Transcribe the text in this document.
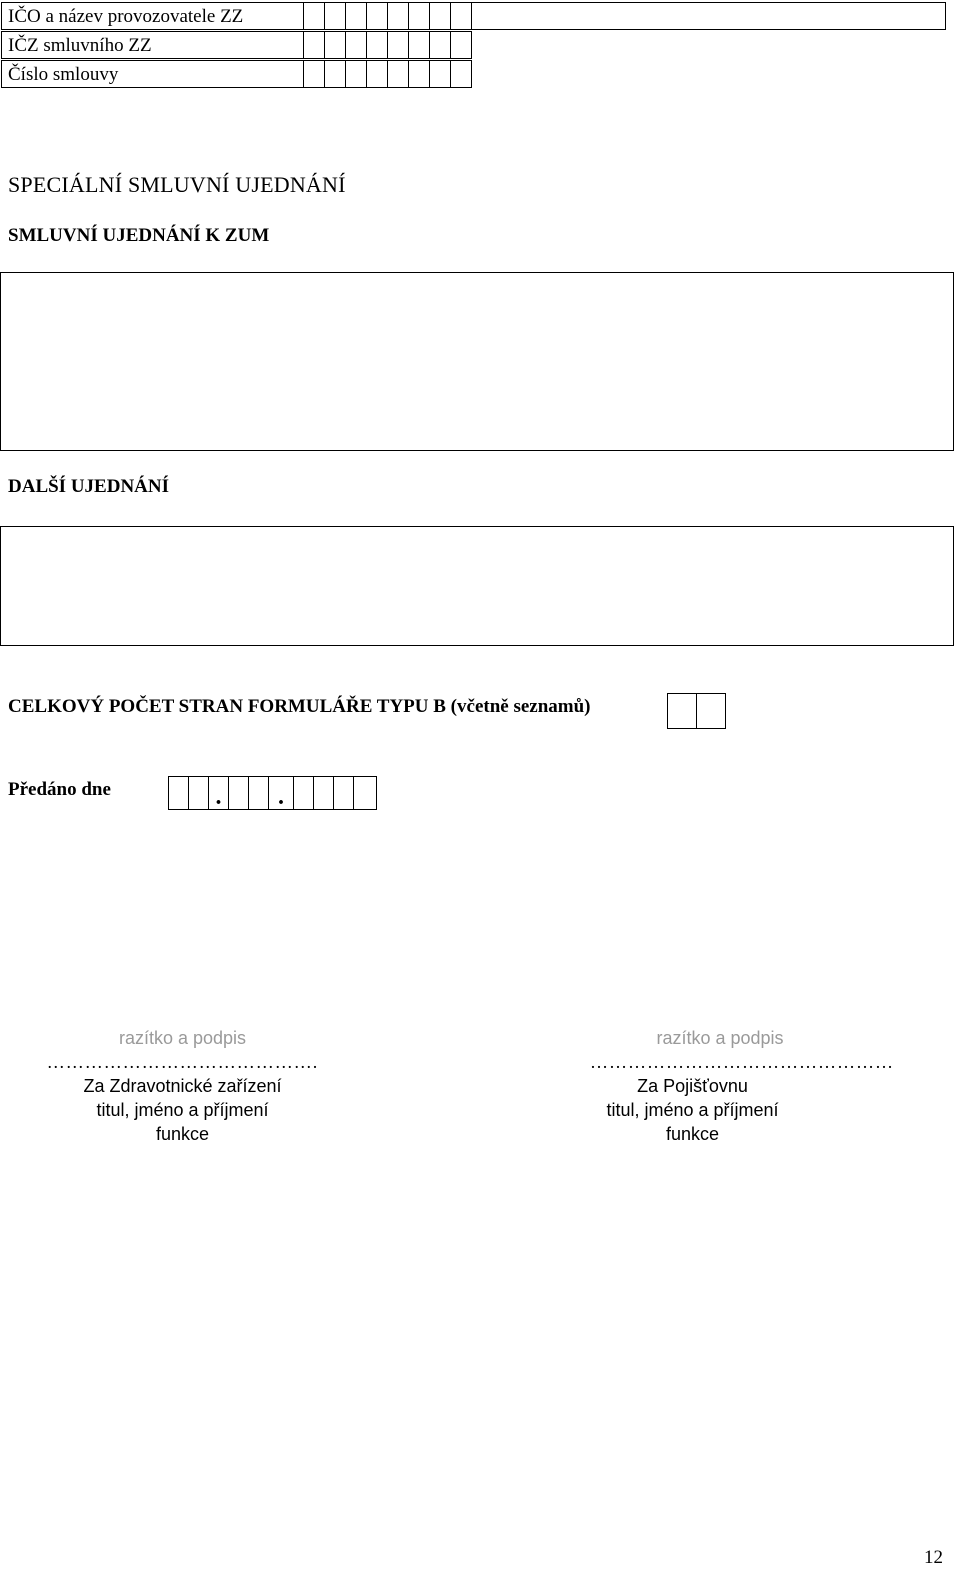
IČO a název provozovatele ZZ
IČZ smluvního ZZ
Číslo smlouvy
SPECIÁLNÍ SMLUVNÍ UJEDNÁNÍ
SMLUVNÍ UJEDNÁNÍ K ZUM
DALŠÍ UJEDNÁNÍ
CELKOVÝ POČET STRAN FORMULÁŘE TYPU B (včetně seznamů)
Předáno dne	.	.
razítko a podpis
…………………………………….
Za Zdravotnické zařízení
titul, jméno a příjmení
funkce
razítko a podpis
…………………………………………
Za Pojišťovnu
titul, jméno a příjmení
funkce
12
